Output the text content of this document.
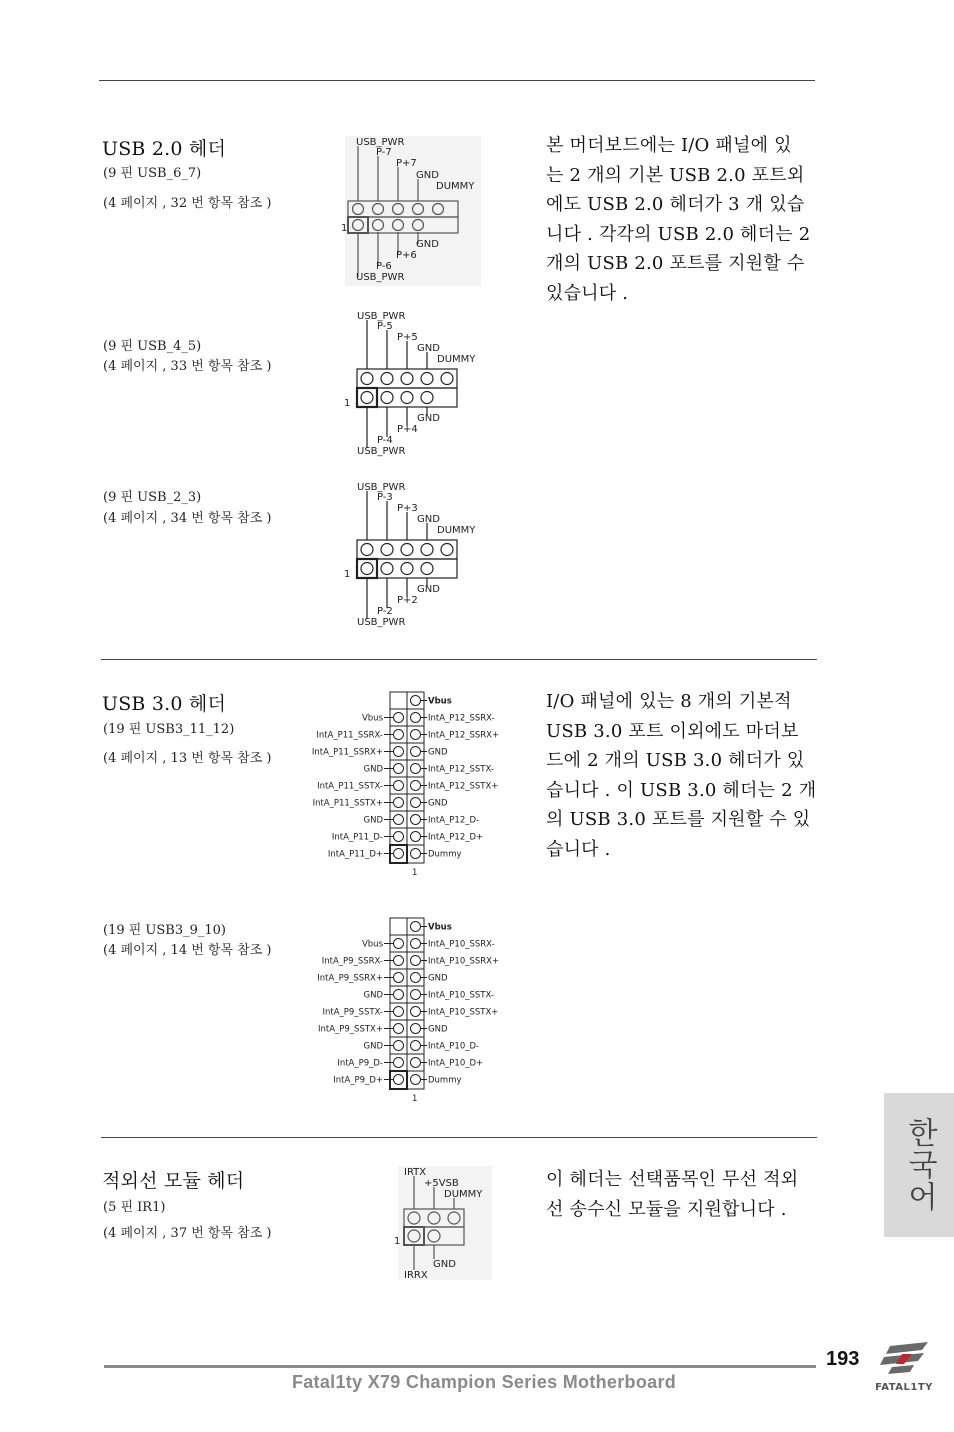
USB 2.0 헤더
(9 핀 USB_6_7)
(4 페이지 , 32 번 항목 참조 )
(9 핀 USB_4_5)
(4 페이지 , 33 번 항목 참조 )
(9 핀 USB_2_3)
(4 페이지 , 34 번 항목 참조 )
본 머더보드에는 I/O 패널에 있
는 2 개의 기본 USB 2.0 포트외
에도 USB 2.0 헤더가 3 개 있습
니다 . 각각의 USB 2.0 헤더는 2
개의 USB 2.0 포트를 지원할 수
있습니다 .
USB_PWR
P-7
P+7
GND
DUMMY
GND
P+6
P-6
USB_PWR
1
USB_PWR
P-5
P+5
GND
DUMMY
GND
P+4
P-4
USB_PWR
1
USB_PWR
P-3
P+3
GND
DUMMY
GND
P+2
P-2
USB_PWR
1
USB 3.0 헤더
(19 핀 USB3_11_12)
(4 페이지 , 13 번 항목 참조 )
(19 핀 USB3_9_10)
(4 페이지 , 14 번 항목 참조 )
I/O 패널에 있는 8 개의 기본적
USB 3.0 포트 이외에도 마더보
드에 2 개의 USB 3.0 헤더가 있
습니다 . 이 USB 3.0 헤더는 2 개
의 USB 3.0 포트를 지원할 수 있
습니다 .
Vbus
IntA_P11_SSRX-
IntA_P11_SSRX+
GND
IntA_P11_SSTX-
IntA_P11_SSTX+
GND
IntA_P11_D-
IntA_P11_D+
Vbus
IntA_P12_SSRX-
IntA_P12_SSRX+
GND
IntA_P12_SSTX-
IntA_P12_SSTX+
GND
IntA_P12_D-
IntA_P12_D+
Dummy
1
Vbus
IntA_P9_SSRX-
IntA_P9_SSRX+
GND
IntA_P9_SSTX-
IntA_P9_SSTX+
GND
IntA_P9_D-
IntA_P9_D+
Vbus
IntA_P10_SSRX-
IntA_P10_SSRX+
GND
IntA_P10_SSTX-
IntA_P10_SSTX+
GND
IntA_P10_D-
IntA_P10_D+
Dummy
1
적외선 모듈 헤더
(5 핀 IR1)
(4 페이지 , 37 번 항목 참조 )
이 헤더는 선택품목인 무선 적외
선 송수신 모듈을 지원합니다 .
IRTX
+5VSB
DUMMY
GND
IRRX
1
한국어
193
Fatal1ty X79 Champion Series Motherboard	FATAL1TY
